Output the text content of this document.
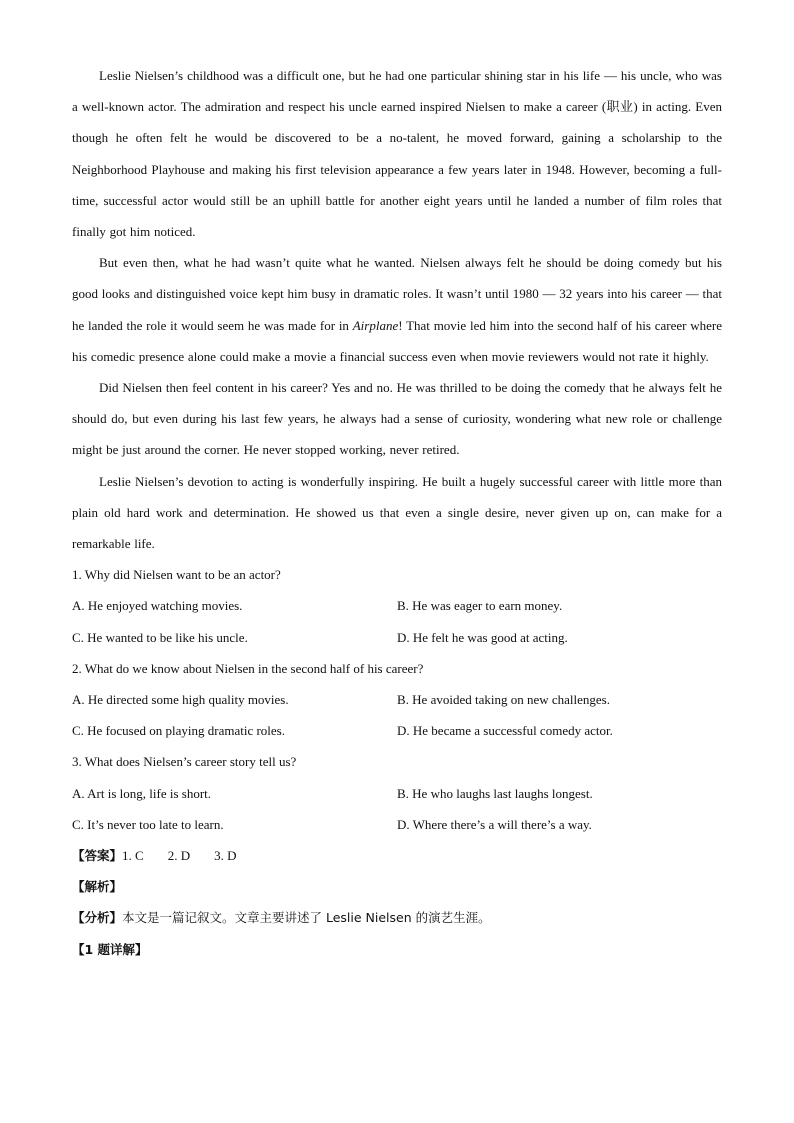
Leslie Nielsen’s childhood was a difficult one, but he had one particular shining star in his life — his uncle, who was a well-known actor. The admiration and respect his uncle earned inspired Nielsen to make a career (职业) in acting. Even though he often felt he would be discovered to be a no-talent, he moved forward, gaining a scholarship to the Neighborhood Playhouse and making his first television appearance a few years later in 1948. However, becoming a full-time, successful actor would still be an uphill battle for another eight years until he landed a number of film roles that finally got him noticed.

But even then, what he had wasn’t quite what he wanted. Nielsen always felt he should be doing comedy but his good looks and distinguished voice kept him busy in dramatic roles. It wasn’t until 1980 — 32 years into his career — that he landed the role it would seem he was made for in Airplane! That movie led him into the second half of his career where his comedic presence alone could make a movie a financial success even when movie reviewers would not rate it highly.

Did Nielsen then feel content in his career? Yes and no. He was thrilled to be doing the comedy that he always felt he should do, but even during his last few years, he always had a sense of curiosity, wondering what new role or challenge might be just around the corner. He never stopped working, never retired.

Leslie Nielsen’s devotion to acting is wonderfully inspiring. He built a hugely successful career with little more than plain old hard work and determination. He showed us that even a single desire, never given up on, can make for a remarkable life.

1. Why did Nielsen want to be an actor?

A. He enjoyed watching movies.	B. He was eager to earn money.
C. He wanted to be like his uncle.	D. He felt he was good at acting.

2. What do we know about Nielsen in the second half of his career?

A. He directed some high quality movies.	B. He avoided taking on new challenges.
C. He focused on playing dramatic roles.	D. He became a successful comedy actor.

3. What does Nielsen’s career story tell us?

A. Art is long, life is short.	B. He who laughs last laughs longest.
C. It’s never too late to learn.	D. Where there’s a will there’s a way.

【答案】1. C 2. D 3. D

【解析】

【分析】本文是一篇记叙文。文章主要讲述了 Leslie Nielsen 的演艺生涯。

【1 题详解】
